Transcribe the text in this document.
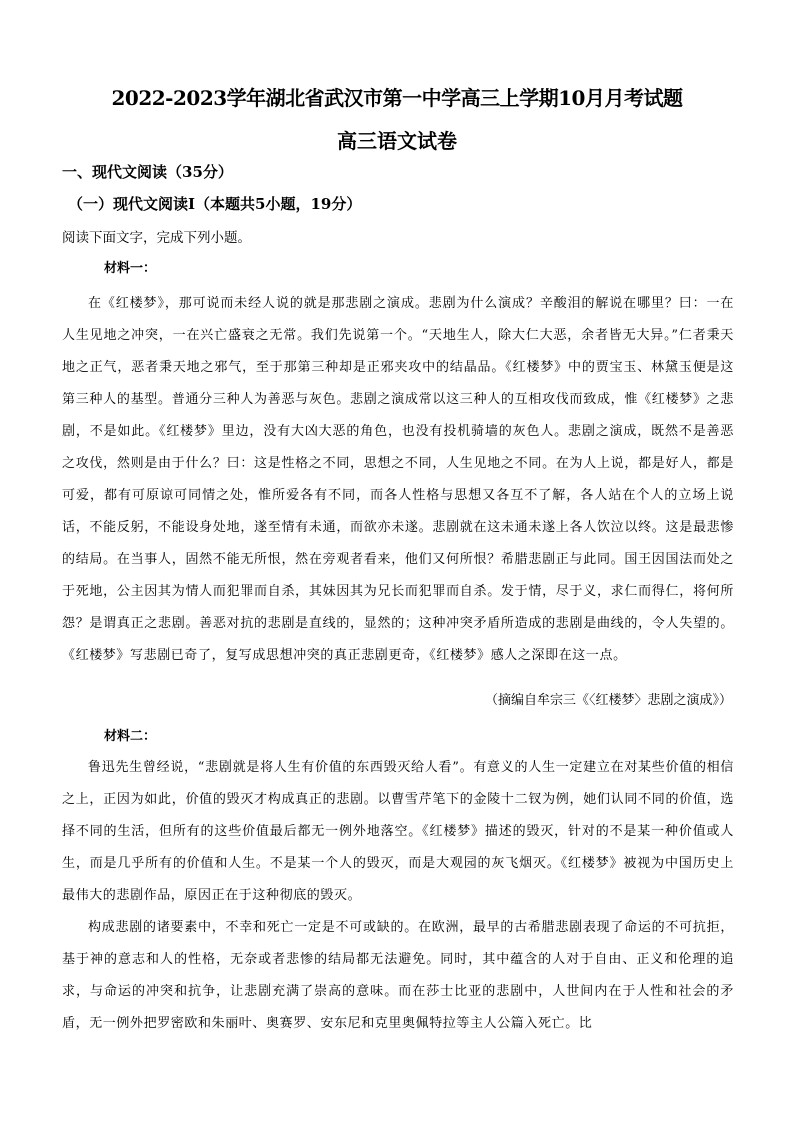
2022-2023学年湖北省武汉市第一中学高三上学期10月月考试题
高三语文试卷
一、现代文阅读（35分）
（一）现代文阅读Ⅰ（本题共5小题，19分）
阅读下面文字，完成下列小题。
材料一：

在《红楼梦》，那可说而未经人说的就是那悲剧之演成。悲剧为什么演成？辛酸泪的解说在哪里？曰：一在人生见地之冲突，一在兴亡盛衰之无常。我们先说第一个。“天地生人，除大仁大恶，余者皆无大异。”仁者秉天地之正气，恶者秉天地之邪气，至于那第三种却是正邪夹攻中的结晶品。《红楼梦》中的贾宝玉、林黛玉便是这第三种人的基型。普通分三种人为善恶与灰色。悲剧之演成常以这三种人的互相攻伐而致成，惟《红楼梦》之悲剧，不是如此。《红楼梦》里边，没有大凶大恶的角色，也没有投机骑墙的灰色人。悲剧之演成，既然不是善恶之攻伐，然则是由于什么？曰：这是性格之不同，思想之不同，人生见地之不同。在为人上说，都是好人，都是可爱，都有可原谅可同情之处，惟所爱各有不同，而各人性格与思想又各互不了解，各人站在个人的立场上说话，不能反躬，不能设身处地，遂至情有未通，而欲亦未遂。悲剧就在这未通未遂上各人饮泣以终。这是最悲惨的结局。在当事人，固然不能无所恨，然在旁观者看来，他们又何所恨？希腊悲剧正与此同。国王因国法而处之于死地，公主因其为情人而犯罪而自杀，其妹因其为兄长而犯罪而自杀。发于情，尽于义，求仁而得仁，将何所怨？是谓真正之悲剧。善恶对抗的悲剧是直线的，显然的；这种冲突矛盾所造成的悲剧是曲线的，令人失望的。《红楼梦》写悲剧已奇了，复写成思想冲突的真正悲剧更奇，《红楼梦》感人之深即在这一点。

（摘编自牟宗三《〈红楼梦〉悲剧之演成》）
材料二：

鲁迅先生曾经说，“悲剧就是将人生有价值的东西毁灭给人看”。有意义的人生一定建立在对某些价值的相信之上，正因为如此，价值的毁灭才构成真正的悲剧。以曹雪芹笔下的金陵十二钗为例，她们认同不同的价值，选择不同的生活，但所有的这些价值最后都无一例外地落空。《红楼梦》描述的毁灭，针对的不是某一种价值或人生，而是几乎所有的价值和人生。不是某一个人的毁灭，而是大观园的灰飞烟灭。《红楼梦》被视为中国历史上最伟大的悲剧作品，原因正在于这种彻底的毁灭。

构成悲剧的诸要素中，不幸和死亡一定是不可或缺的。在欧洲，最早的古希腊悲剧表现了命运的不可抗拒，基于神的意志和人的性格，无奈或者悲惨的结局都无法避免。同时，其中蕴含的人对于自由、正义和伦理的追求，与命运的冲突和抗争，让悲剧充满了崇高的意味。而在莎士比亚的悲剧中，人世间内在于人性和社会的矛盾，无一例外把罗密欧和朱丽叶、奥赛罗、安东尼和克里奥佩特拉等主人公篇入死亡。比
